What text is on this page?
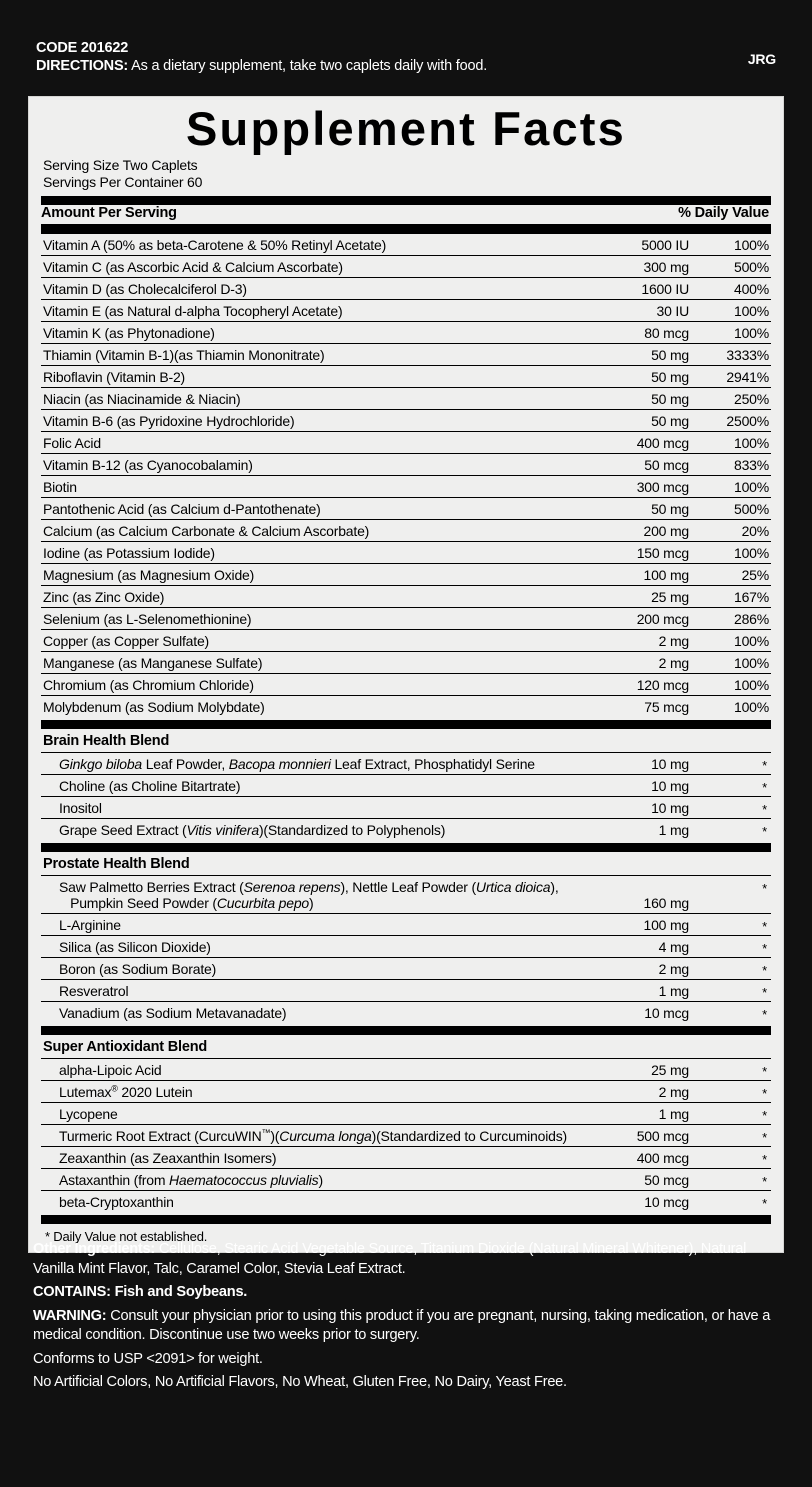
CODE 201622
DIRECTIONS: As a dietary supplement, take two caplets daily with food.	JRG
Supplement Facts
Serving Size Two Caplets
Servings Per Container 60
Amount Per Serving	% Daily Value	

Vitamin A (50% as beta-Carotene & 50% Retinyl Acetate)	5000 IU	100%
Vitamin C (as Ascorbic Acid & Calcium Ascorbate)	300 mg	500%
Vitamin D (as Cholecalciferol D-3)	1600 IU	400%
Vitamin E (as Natural d-alpha Tocopheryl Acetate)	30 IU	100%
Vitamin K (as Phytonadione)	80 mcg	100%
Thiamin (Vitamin B-1)(as Thiamin Mononitrate)	50 mg	3333%
Riboflavin (Vitamin B-2)	50 mg	2941%
Niacin (as Niacinamide & Niacin)	50 mg	250%
Vitamin B-6 (as Pyridoxine Hydrochloride)	50 mg	2500%
Folic Acid	400 mcg	100%
Vitamin B-12 (as Cyanocobalamin)	50 mcg	833%
Biotin	300 mcg	100%
Pantothenic Acid (as Calcium d-Pantothenate)	50 mg	500%
Calcium (as Calcium Carbonate & Calcium Ascorbate)	200 mg	20%
Iodine (as Potassium Iodide)	150 mcg	100%
Magnesium (as Magnesium Oxide)	100 mg	25%
Zinc (as Zinc Oxide)	25 mg	167%
Selenium (as L-Selenomethionine)	200 mcg	286%
Copper (as Copper Sulfate)	2 mg	100%
Manganese (as Manganese Sulfate)	2 mg	100%
Chromium (as Chromium Chloride)	120 mcg	100%
Molybdenum (as Sodium Molybdate)	75 mcg	100%

Brain Health Blend		
Ginkgo biloba Leaf Powder, Bacopa monnieri Leaf Extract, Phosphatidyl Serine	10 mg	*
Choline (as Choline Bitartrate)	10 mg	*
Inositol	10 mg	*
Grape Seed Extract (Vitis vinifera)(Standardized to Polyphenols)	1 mg	*

Prostate Health Blend		
Saw Palmetto Berries Extract (Serenoa repens), Nettle Leaf Powder (Urtica dioica),
Pumpkin Seed Powder (Cucurbita pepo)	160 mg	*
L-Arginine	100 mg	*
Silica (as Silicon Dioxide)	4 mg	*
Boron (as Sodium Borate)	2 mg	*
Resveratrol	1 mg	*
Vanadium (as Sodium Metavanadate)	10 mcg	*

Super Antioxidant Blend		
alpha-Lipoic Acid	25 mg	*
Lutemax® 2020 Lutein	2 mg	*
Lycopene	1 mg	*
Turmeric Root Extract (CurcuWIN™)(Curcuma longa)(Standardized to Curcuminoids)	500 mcg	*
Zeaxanthin (as Zeaxanthin Isomers)	400 mcg	*
Astaxanthin (from Haematococcus pluvialis)	50 mcg	*
beta-Cryptoxanthin	10 mcg	*

* Daily Value not established.

Other Ingredients: Cellulose, Stearic Acid Vegetable Source, Titanium Dioxide (Natural Mineral Whitener), Natural Vanilla Mint Flavor, Talc, Caramel Color, Stevia Leaf Extract.

CONTAINS: Fish and Soybeans.

WARNING: Consult your physician prior to using this product if you are pregnant, nursing, taking medication, or have a medical condition. Discontinue use two weeks prior to surgery.

Conforms to USP <2091> for weight.

No Artificial Colors, No Artificial Flavors, No Wheat, Gluten Free, No Dairy, Yeast Free.
